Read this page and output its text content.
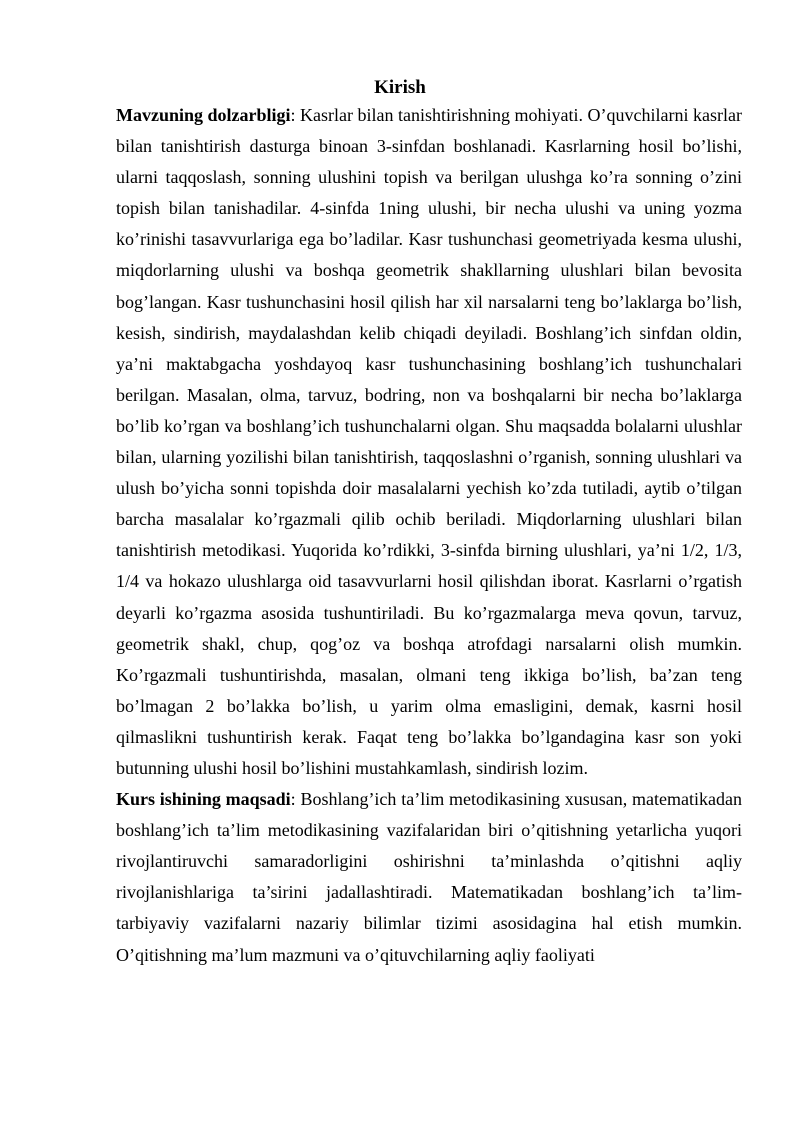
Kirish

Mavzuning dolzarbligi: Kasrlar bilan tanishtirishning mohiyati. O’quvchilarni kasrlar bilan tanishtirish dasturga binoan 3-sinfdan boshlanadi. Kasrlarning hosil bo’lishi, ularni taqqoslash, sonning ulushini topish va berilgan ulushga ko’ra sonning o’zini topish bilan tanishadilar. 4-sinfda 1ning ulushi, bir necha ulushi va uning yozma ko’rinishi tasavvurlariga ega bo’ladilar. Kasr tushunchasi geometriyada kesma ulushi, miqdorlarning ulushi va boshqa geometrik shakllarning ulushlari bilan bevosita bog’langan. Kasr tushunchasini hosil qilish har xil narsalarni teng bo’laklarga bo’lish, kesish, sindirish, maydalashdan kelib chiqadi deyiladi. Boshlang’ich sinfdan oldin, ya’ni maktabgacha yoshdayoq kasr tushunchasining boshlang’ich tushunchalari berilgan. Masalan, olma, tarvuz, bodring, non va boshqalarni bir necha bo’laklarga bo’lib ko’rgan va boshlang’ich tushunchalarni olgan. Shu maqsadda bolalarni ulushlar bilan, ularning yozilishi bilan tanishtirish, taqqoslashni o’rganish, sonning ulushlari va ulush bo’yicha sonni topishda doir masalalarni yechish ko’zda tutiladi, aytib o’tilgan barcha masalalar ko’rgazmali qilib ochib beriladi. Miqdorlarning ulushlari bilan tanishtirish metodikasi. Yuqorida ko’rdikki, 3-sinfda birning ulushlari, ya’ni 1/2, 1/3, 1/4 va hokazo ulushlarga oid tasavvurlarni hosil qilishdan iborat. Kasrlarni o’rgatish deyarli ko’rgazma asosida tushuntiriladi. Bu ko’rgazmalarga meva qovun, tarvuz, geometrik shakl, chup, qog’oz va boshqa atrofdagi narsalarni olish mumkin. Ko’rgazmali tushuntirishda, masalan, olmani teng ikkiga bo’lish, ba’zan teng bo’lmagan 2 bo’lakka bo’lish, u yarim olma emasligini, demak, kasrni hosil qilmaslikni tushuntirish kerak. Faqat teng bo’lakka bo’lgandagina kasr son yoki butunning ulushi hosil bo’lishini mustahkamlash, sindirish lozim.

Kurs ishining maqsadi: Boshlang’ich ta’lim metodikasining xususan, matematikadan boshlang’ich ta’lim metodikasining vazifalaridan biri o’qitishning yetarlicha yuqori rivojlantiruvchi samaradorligini oshirishni ta’minlashda o’qitishni aqliy rivojlanishlariga ta’sirini jadallashtiradi. Matematikadan boshlang’ich ta’lim-tarbiyaviy vazifalarni nazariy bilimlar tizimi asosidagina hal etish mumkin. O’qitishning ma’lum mazmuni va o’qituvchilarning aqliy faoliyati
